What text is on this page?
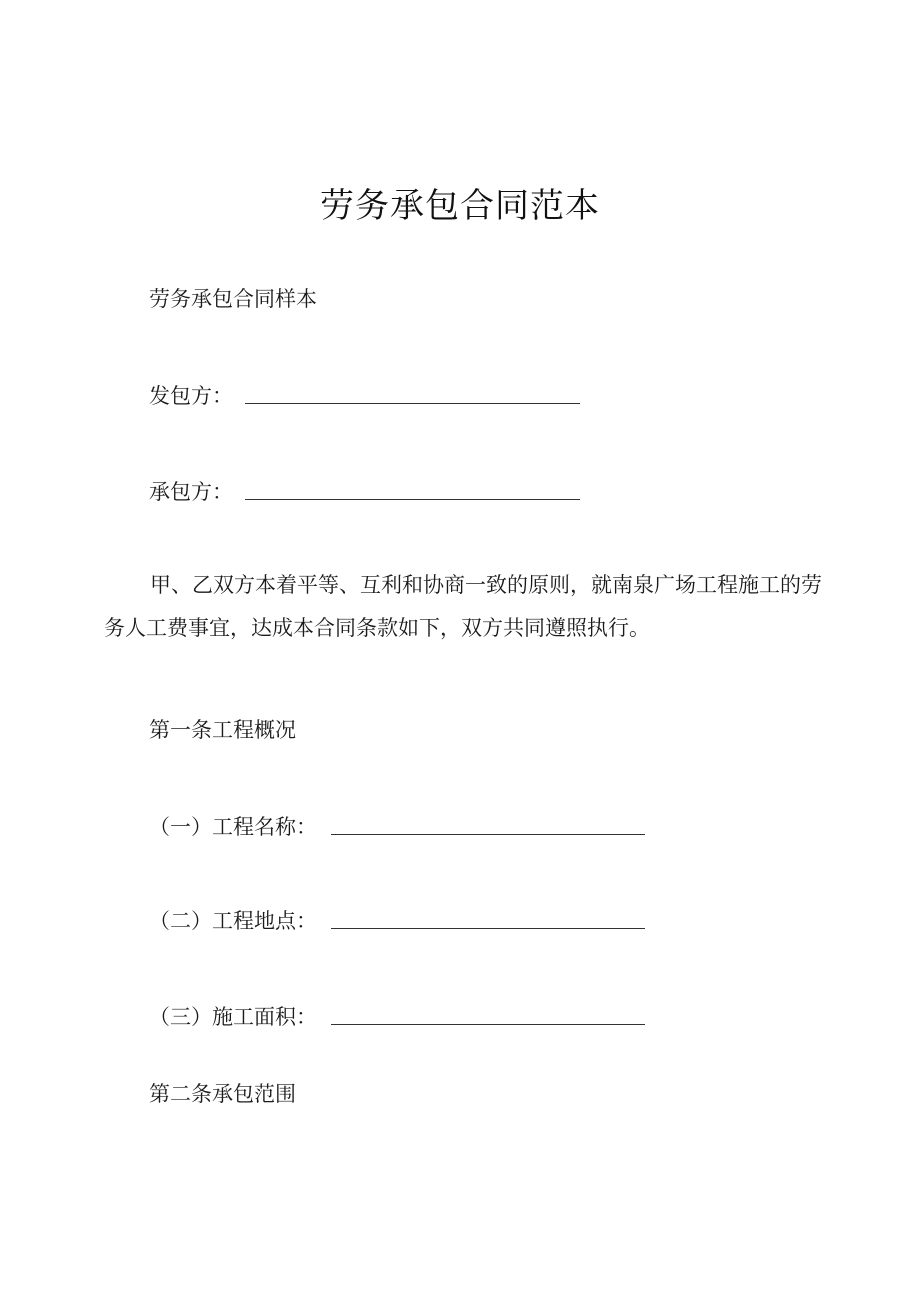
劳务承包合同范本
劳务承包合同样本
发包方：
承包方：

甲、乙双方本着平等、互利和协商一致的原则，就南泉广场工程施工的劳务人工费事宜，达成本合同条款如下，双方共同遵照执行。

第一条工程概况
（一）工程名称：
（二）工程地点：
（三）施工面积：
第二条承包范围
